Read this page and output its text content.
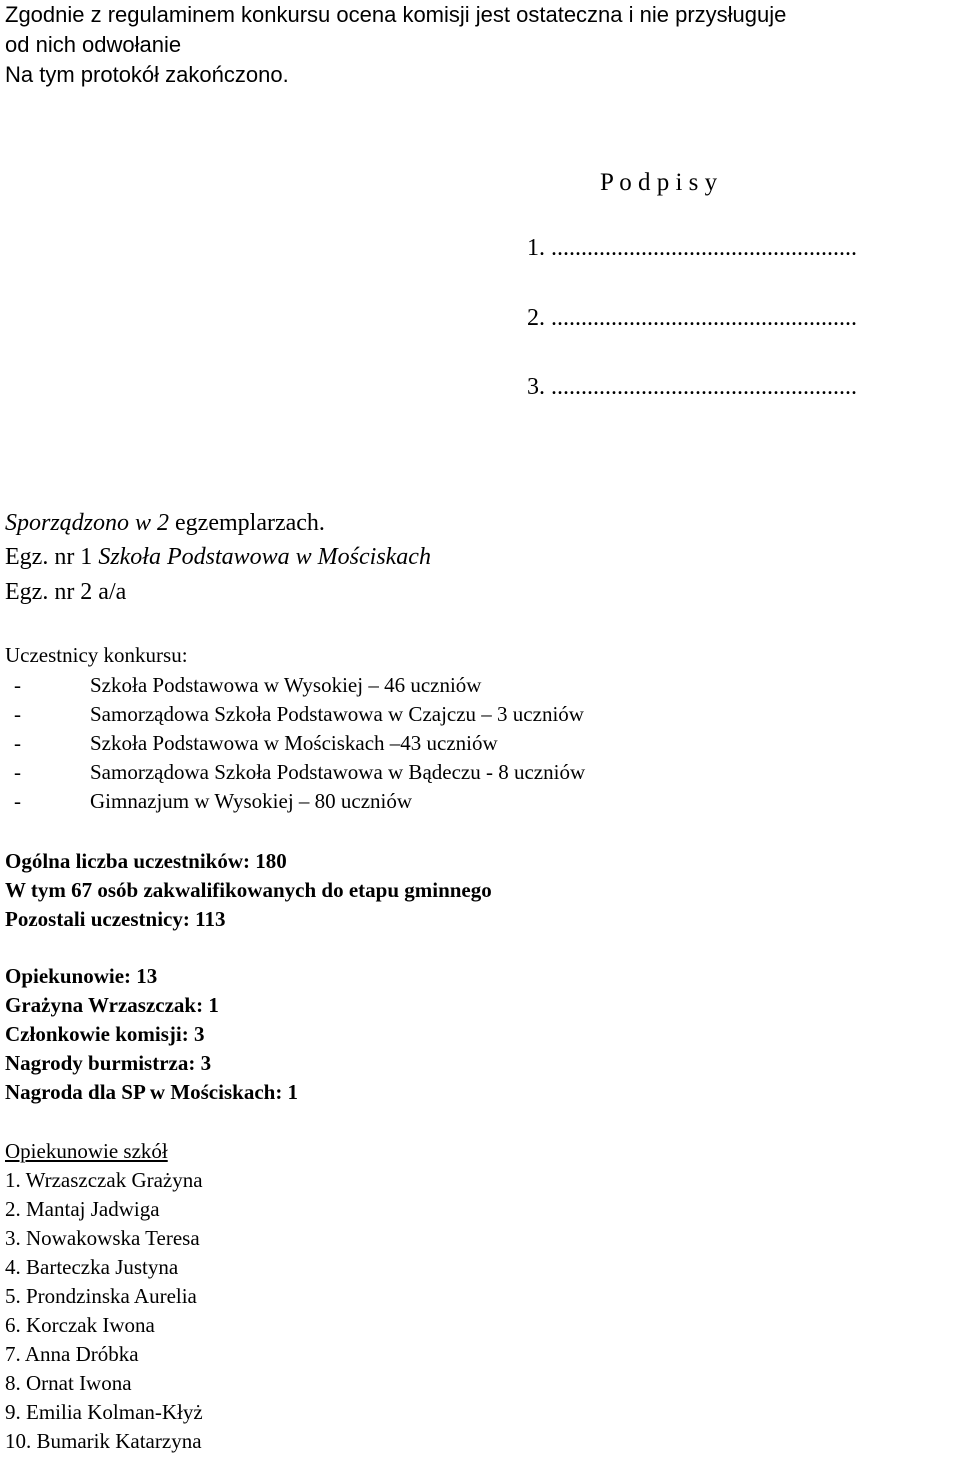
Zgodnie z regulaminem konkursu ocena komisji jest ostateczna i nie przysługuje
od nich odwołanie
Na tym protokół zakończono.
P o d p i s y
1. ...................................................
2. ...................................................
3. ...................................................
Sporządzono w 2 egzemplarzach.
Egz. nr 1 Szkoła Podstawowa w Mościskach
Egz. nr 2 a/a
Uczestnicy konkursu:
-	Szkoła Podstawowa w Wysokiej – 46 uczniów
-	Samorządowa Szkoła Podstawowa w Czajczu – 3 uczniów
-	Szkoła Podstawowa w Mościskach –43 uczniów
-	Samorządowa Szkoła Podstawowa w Bądeczu - 8 uczniów
-	Gimnazjum w Wysokiej – 80 uczniów
Ogólna liczba uczestników: 180
W tym 67 osób zakwalifikowanych do etapu gminnego
Pozostali uczestnicy: 113
Opiekunowie: 13
Grażyna Wrzaszczak: 1
Członkowie komisji: 3
Nagrody burmistrza: 3
Nagroda dla SP w Mościskach: 1
Opiekunowie szkół
1. Wrzaszczak Grażyna
2. Mantaj Jadwiga
3. Nowakowska Teresa
4. Barteczka Justyna
5. Prondzinska Aurelia
6. Korczak Iwona
7. Anna Dróbka
8. Ornat Iwona
9. Emilia Kolman-Kłyż
10. Bumarik Katarzyna
